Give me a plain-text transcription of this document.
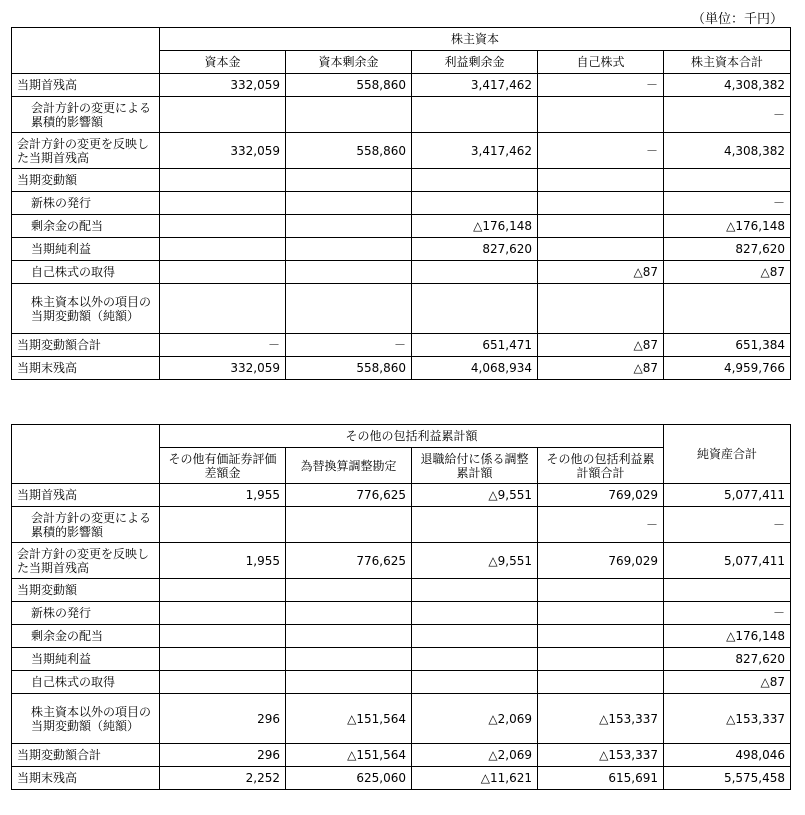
（単位：千円）
	株主資本				
	資本金	資本剰余金	利益剰余金	自己株式	株主資本合計
当期首残高	332,059	558,860	3,417,462	－	4,308,382
会計方針の変更による累積的影響額					－
会計方針の変更を反映した当期首残高	332,059	558,860	3,417,462	－	4,308,382
当期変動額					
新株の発行					－
剰余金の配当			△176,148		△176,148
当期純利益			827,620		827,620
自己株式の取得				△87	△87
株主資本以外の項目の当期変動額（純額）					
当期変動額合計	－	－	651,471	△87	651,384
当期末残高	332,059	558,860	4,068,934	△87	4,959,766
	その他の包括利益累計額				純資産合計
	その他有価証券評価差額金	為替換算調整勘定	退職給付に係る調整累計額	その他の包括利益累計額合計	
当期首残高	1,955	776,625	△9,551	769,029	5,077,411
会計方針の変更による累積的影響額				－	－
会計方針の変更を反映した当期首残高	1,955	776,625	△9,551	769,029	5,077,411
当期変動額					
新株の発行					－
剰余金の配当					△176,148
当期純利益					827,620
自己株式の取得					△87
株主資本以外の項目の当期変動額（純額）	296	△151,564	△2,069	△153,337	△153,337
当期変動額合計	296	△151,564	△2,069	△153,337	498,046
当期末残高	2,252	625,060	△11,621	615,691	5,575,458
